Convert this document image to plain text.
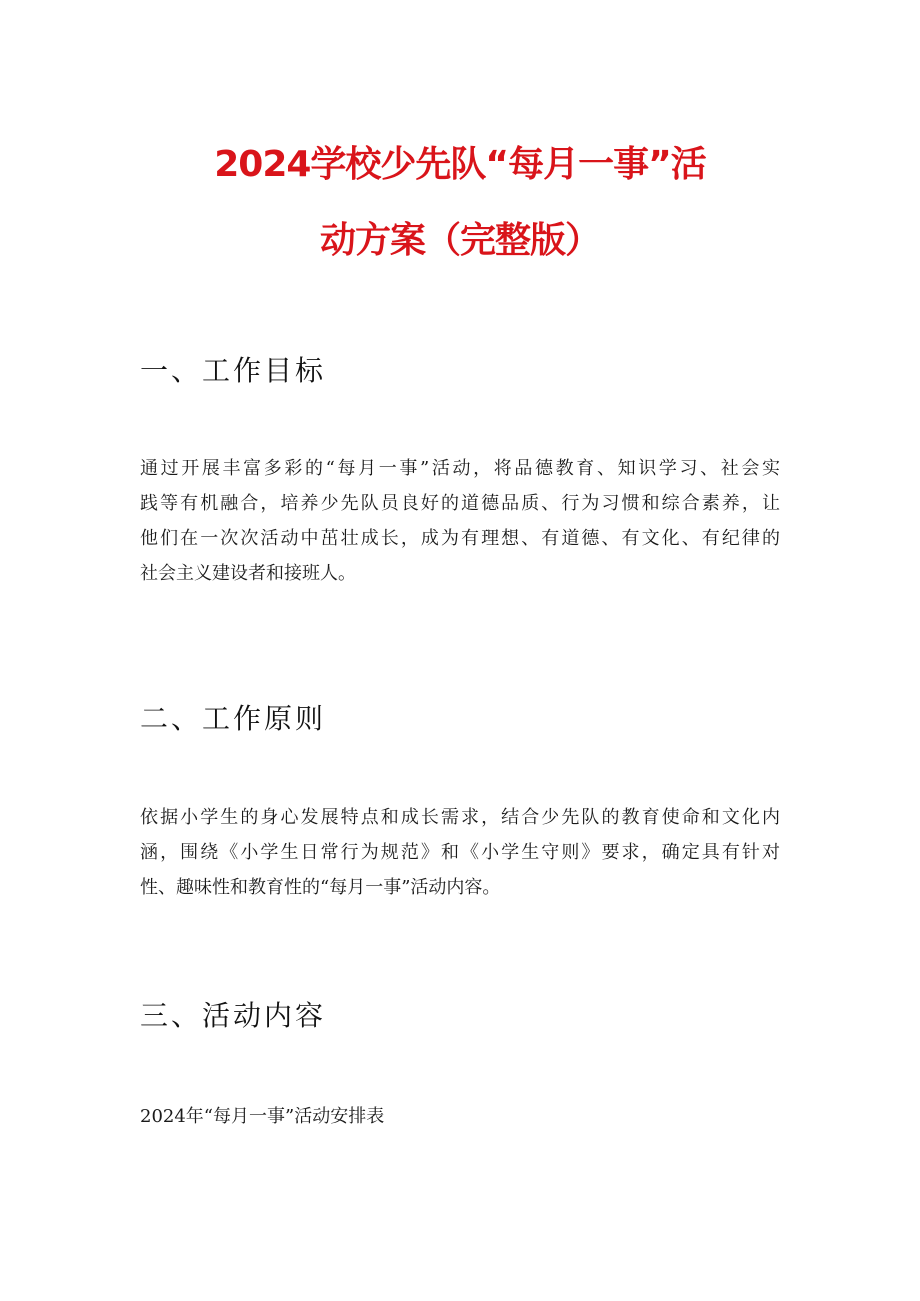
2024学校少先队“每月一事”活
动方案（完整版）
一、工作目标
通过开展丰富多彩的“每月一事”活动，将品德教育、知识学习、社会实
践等有机融合，培养少先队员良好的道德品质、行为习惯和综合素养，让
他们在一次次活动中茁壮成长，成为有理想、有道德、有文化、有纪律的
社会主义建设者和接班人。
二、工作原则
依据小学生的身心发展特点和成长需求，结合少先队的教育使命和文化内
涵，围绕《小学生日常行为规范》和《小学生守则》要求，确定具有针对
性、趣味性和教育性的“每月一事”活动内容。
三、活动内容

2024年“每月一事”活动安排表
